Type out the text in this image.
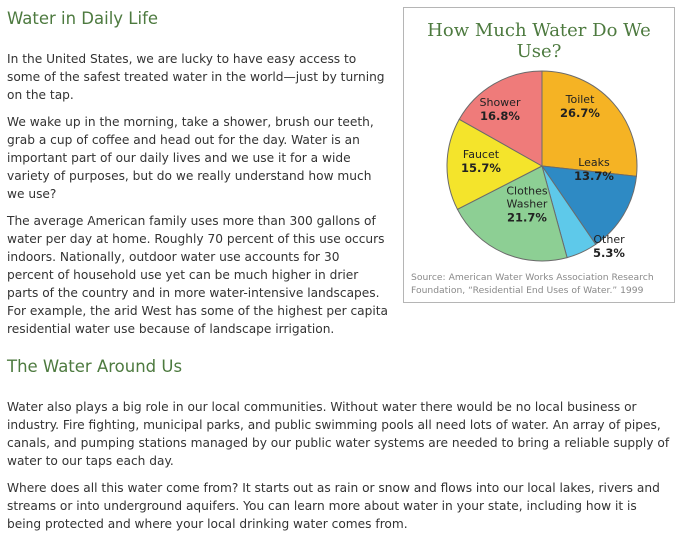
Water in Daily Life

In the United States, we are lucky to have easy access to some of the safest treated water in the world—just by turning on the tap.

We wake up in the morning, take a shower, brush our teeth, grab a cup of coffee and head out for the day. Water is an important part of our daily lives and we use it for a wide variety of purposes, but do we really understand how much we use?

The average American family uses more than 300 gallons of water per day at home. Roughly 70 percent of this use occurs indoors. Nationally, outdoor water use accounts for 30 percent of household use yet can be much higher in drier parts of the country and in more water-intensive landscapes. For example, the arid West has some of the highest per capita residential water use because of landscape irrigation.

How Much Water Do We Use?
Toilet 26.7%
Leaks 13.7%
Other 5.3%
Clothes Washer 21.7%
Faucet 15.7%
Shower 16.8%

Source: American Water Works Association Research Foundation, “Residential End Uses of Water.” 1999

The Water Around Us

Water also plays a big role in our local communities. Without water there would be no local business or industry. Fire fighting, municipal parks, and public swimming pools all need lots of water. An array of pipes, canals, and pumping stations managed by our public water systems are needed to bring a reliable supply of water to our taps each day.

Where does all this water come from? It starts out as rain or snow and flows into our local lakes, rivers and streams or into underground aquifers. You can learn more about water in your state, including how it is being protected and where your local drinking water comes from.
